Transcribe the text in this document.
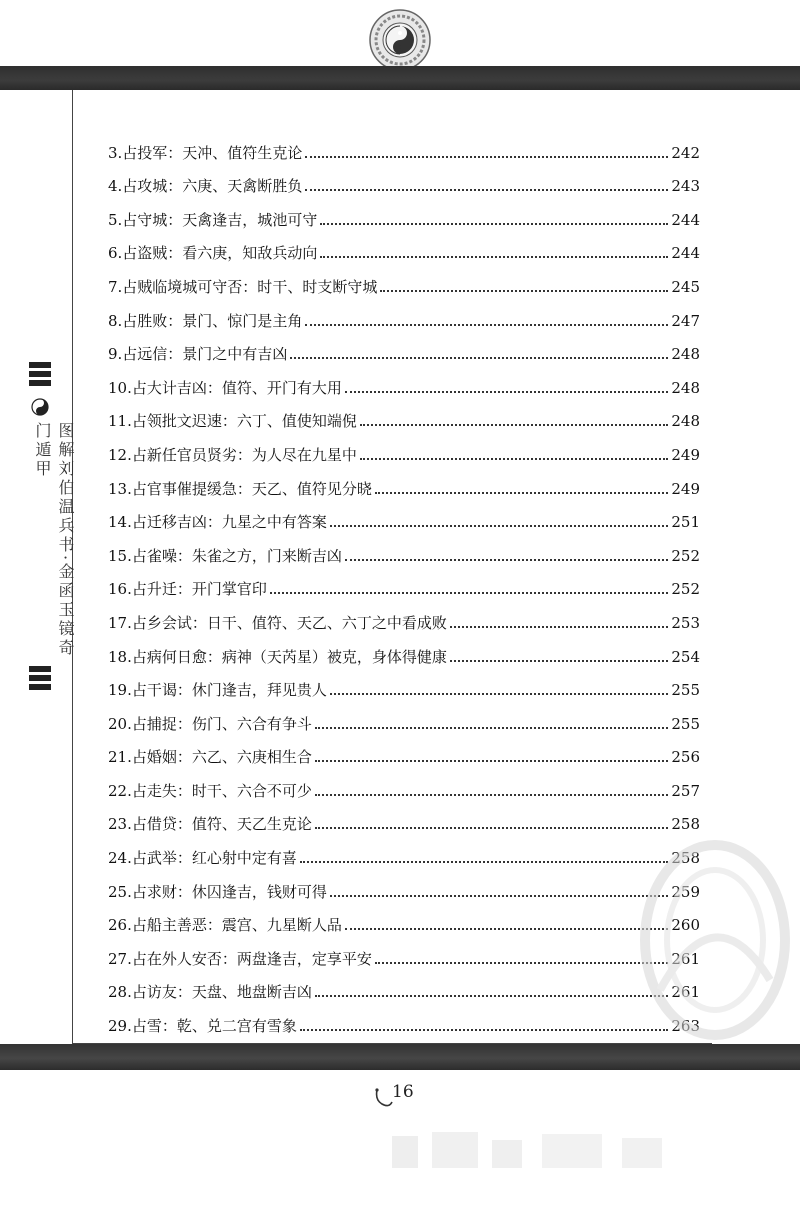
图解刘伯温兵书·金函玉镜奇门遁甲
3.占投军：天冲、值符生克论	242
4.占攻城：六庚、天禽断胜负	243
5.占守城：天禽逢吉，城池可守	244
6.占盗贼：看六庚，知敌兵动向	244
7.占贼临境城可守否：时干、时支断守城	245
8.占胜败：景门、惊门是主角	247
9.占远信：景门之中有吉凶	248
10.占大计吉凶：值符、开门有大用	248
11.占领批文迟速：六丁、值使知端倪	248
12.占新任官员贤劣：为人尽在九星中	249
13.占官事催提缓急：天乙、值符见分晓	249
14.占迁移吉凶：九星之中有答案	251
15.占雀噪：朱雀之方，门来断吉凶	252
16.占升迁：开门掌官印	252
17.占乡会试：日干、值符、天乙、六丁之中看成败	253
18.占病何日愈：病神（天芮星）被克，身体得健康	254
19.占干谒：休门逢吉，拜见贵人	255
20.占捕捉：伤门、六合有争斗	255
21.占婚姻：六乙、六庚相生合	256
22.占走失：时干、六合不可少	257
23.占借贷：值符、天乙生克论	258
24.占武举：红心射中定有喜	258
25.占求财：休囚逢吉，钱财可得	259
26.占船主善恶：震宫、九星断人品	260
27.占在外人安否：两盘逢吉，定享平安	261
28.占访友：天盘、地盘断吉凶	261
29.占雪：乾、兑二宫有雪象	263
16
